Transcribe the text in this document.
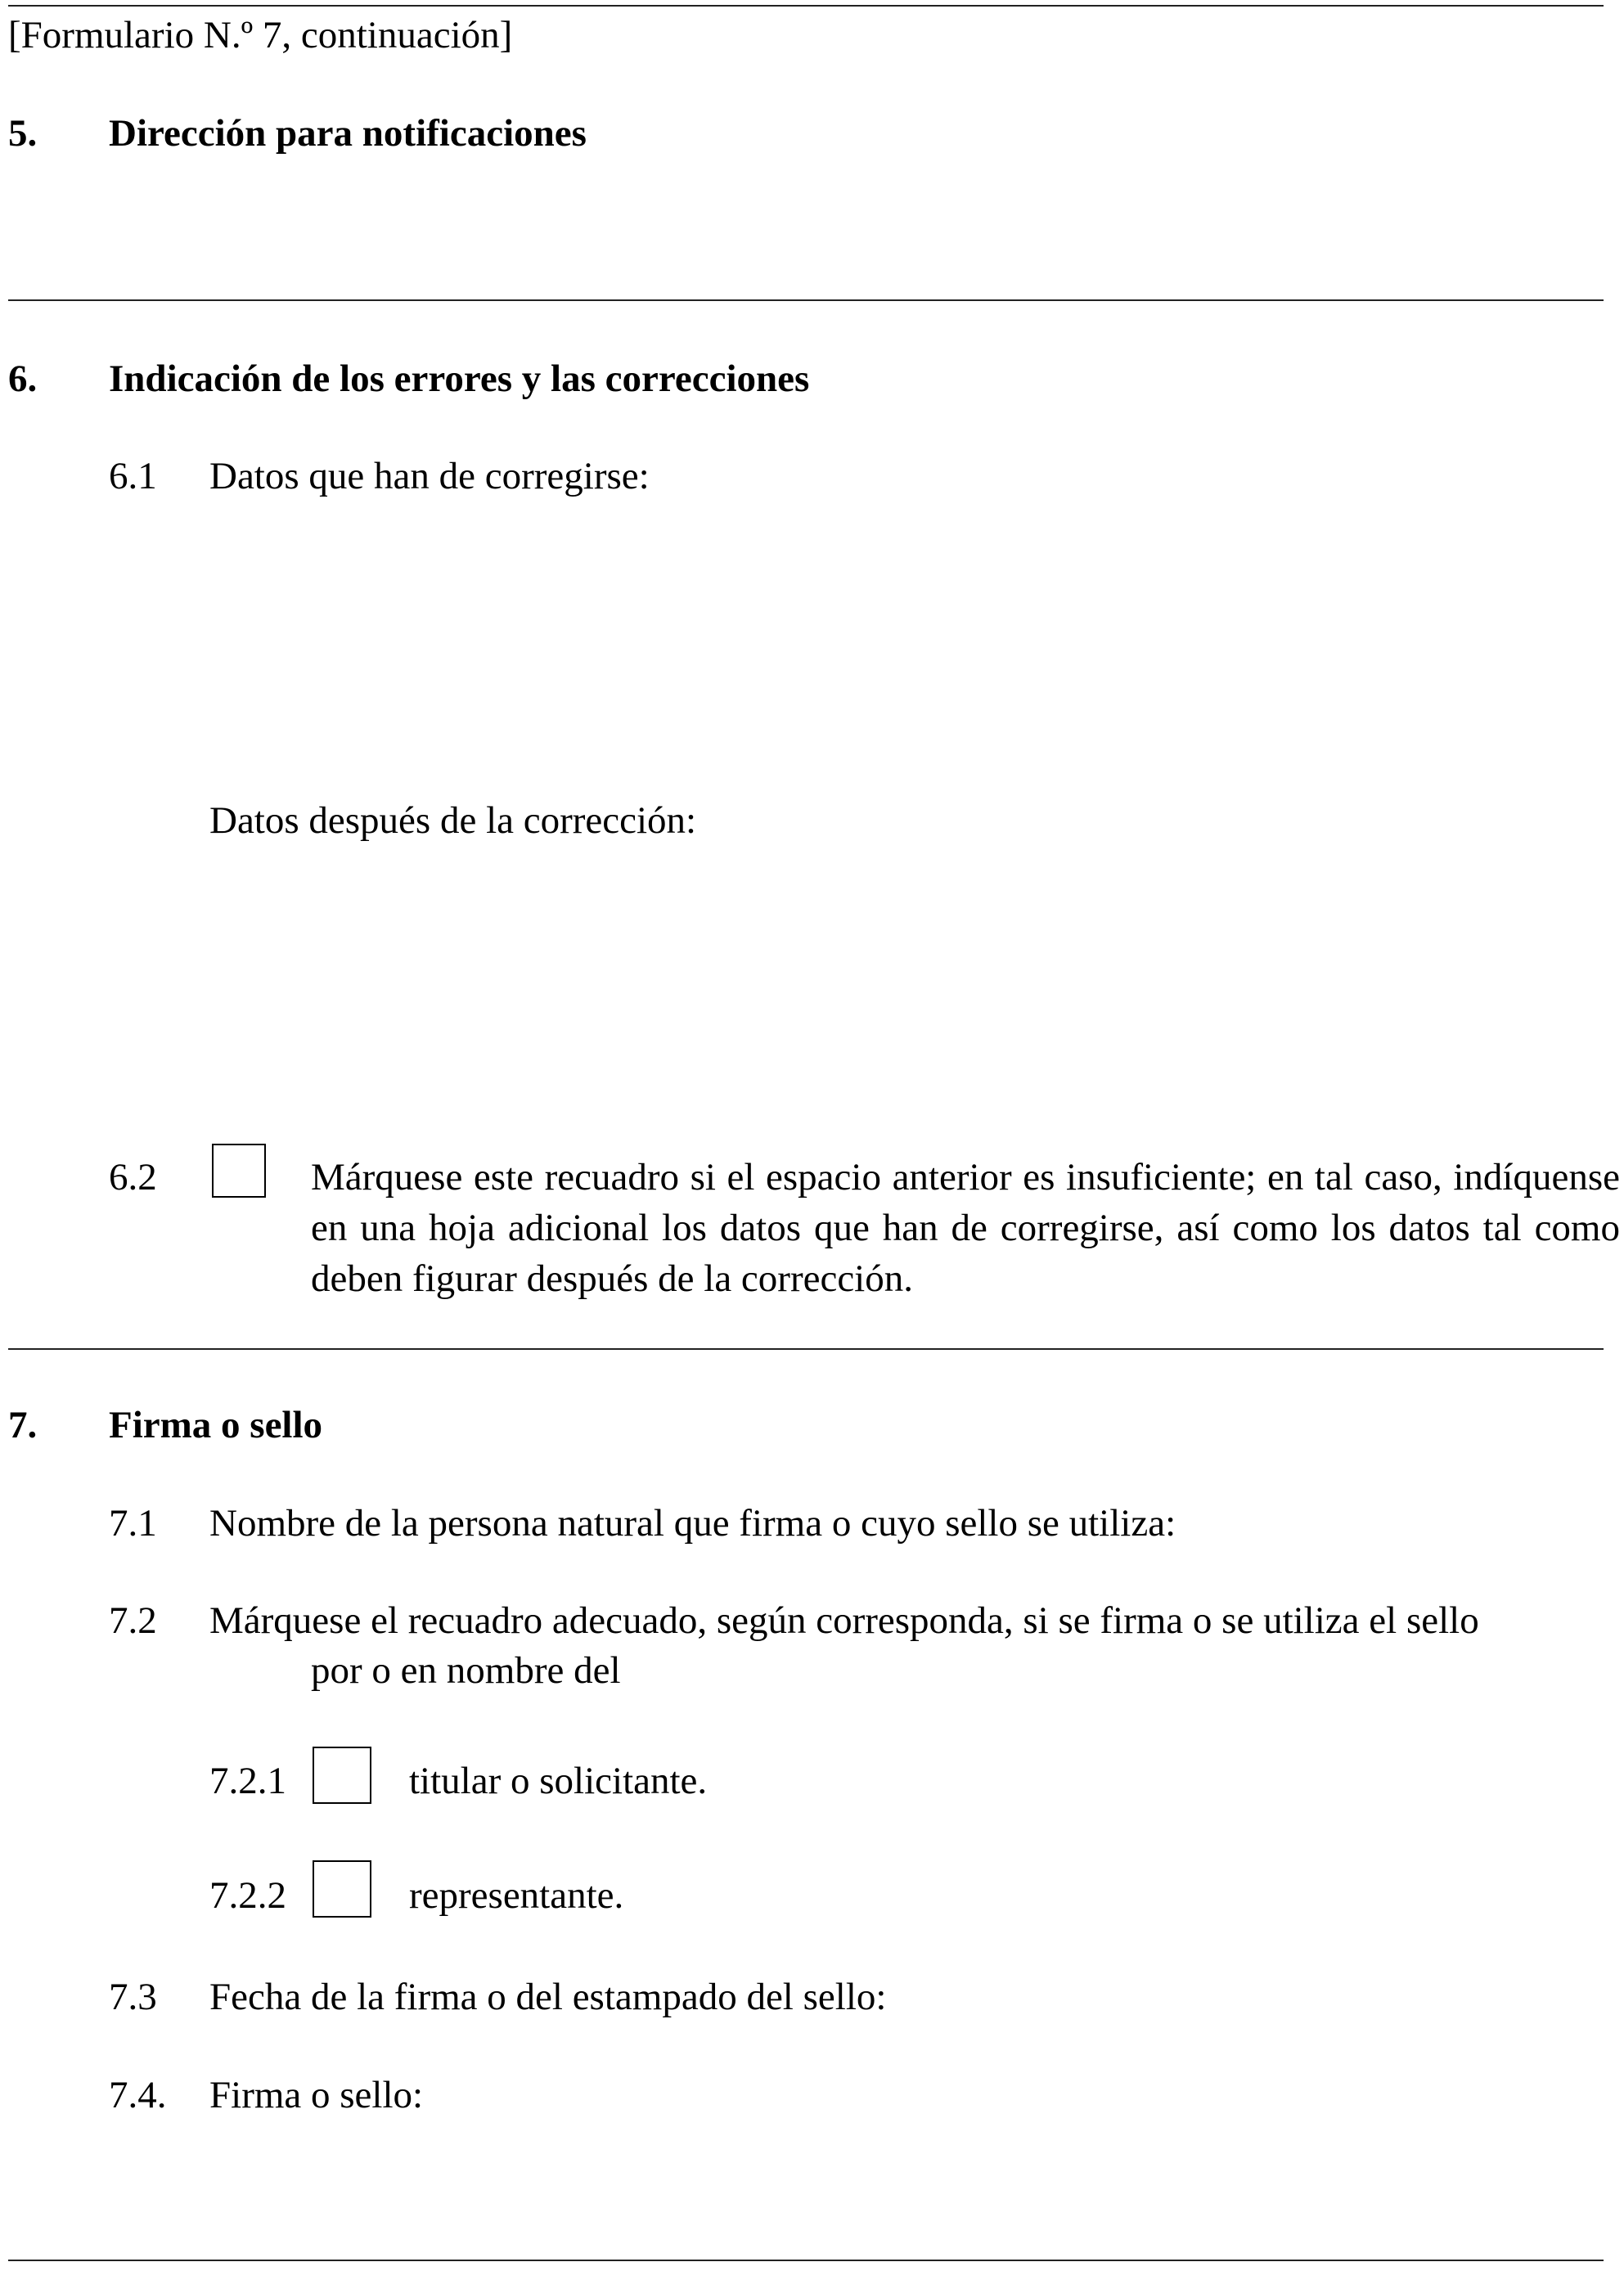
[Formulario N.º 7, continuación]
5. Dirección para notificaciones
6. Indicación de los errores y las correcciones
6.1 Datos que han de corregirse:
Datos después de la corrección:
6.2	Márquese este recuadro si el espacio anterior es insuficiente; en tal caso, indíquense en una hoja adicional los datos que han de corregirse, así como los datos tal como deben figurar después de la corrección.
7. Firma o sello
7.1 Nombre de la persona natural que firma o cuyo sello se utiliza:
7.2 Márquese el recuadro adecuado, según corresponda, si se firma o se utiliza el sello
por o en nombre del
7.2.1	titular o solicitante.
7.2.2	representante.
7.3 Fecha de la firma o del estampado del sello:
7.4. Firma o sello:
